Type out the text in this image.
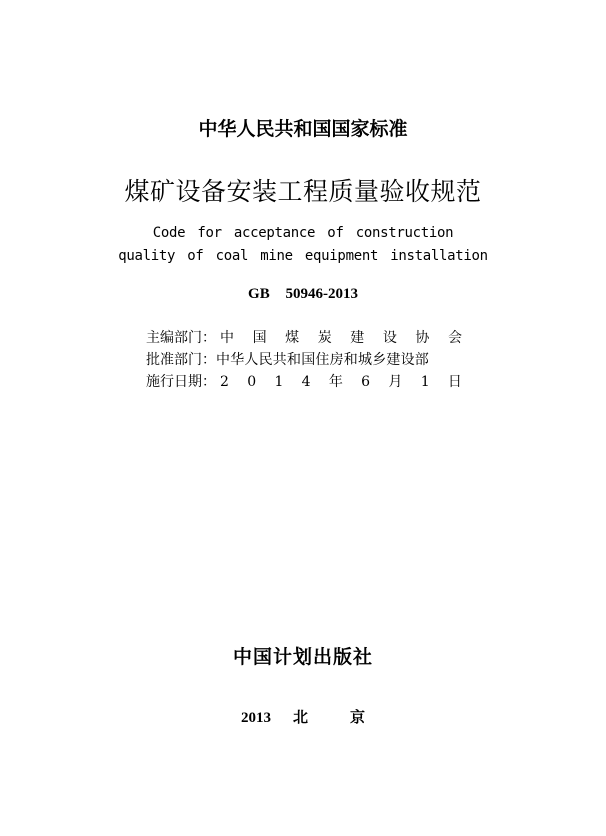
中华人民共和国国家标准
煤矿设备安装工程质量验收规范
Code for acceptance of construction
quality of coal mine equipment installation
GB 50946-2013
主编部门： 中 国 煤 炭 建 设 协 会
批准部门： 中华人民共和国住房和城乡建设部
施行日期： 2 0 1 4 年 6 月 1 日
中国计划出版社
2013 北	京
